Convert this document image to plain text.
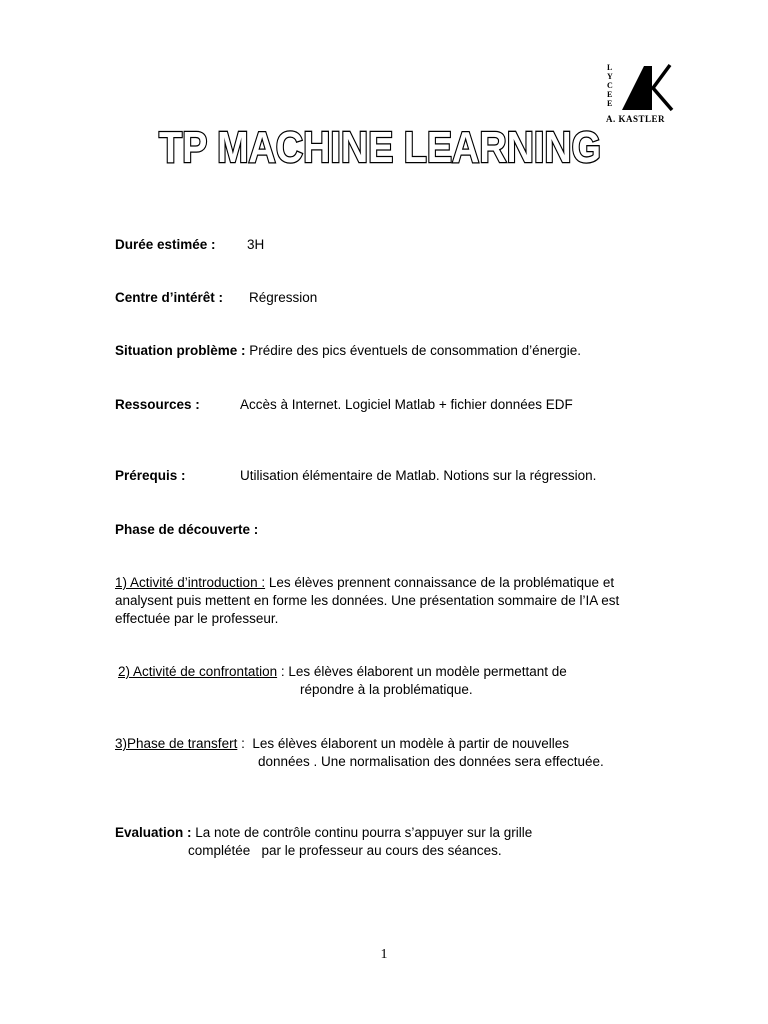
L
Y
C
E
E
A. KASTLER
TP MACHINE LEARNING
Durée estimée : 3H
Centre d’intérêt : Régression
Situation problème : Prédire des pics éventuels de consommation d’énergie.
Ressources :	Accès à Internet. Logiciel Matlab + fichier données EDF
Prérequis :	Utilisation élémentaire de Matlab. Notions sur la régression.
Phase de découverte :
1) Activité d’introduction : Les élèves prennent connaissance de la problématique et
analysent puis mettent en forme les données. Une présentation sommaire de l’IA est
effectuée par le professeur.
2) Activité de confrontation : Les élèves élaborent un modèle permettant de
répondre à la problématique.
3)Phase de transfert : Les élèves élaborent un modèle à partir de nouvelles
données . Une normalisation des données sera effectuée.
Evaluation : La note de contrôle continu pourra s’appuyer sur la grille
complétée   par le professeur au cours des séances.
1
